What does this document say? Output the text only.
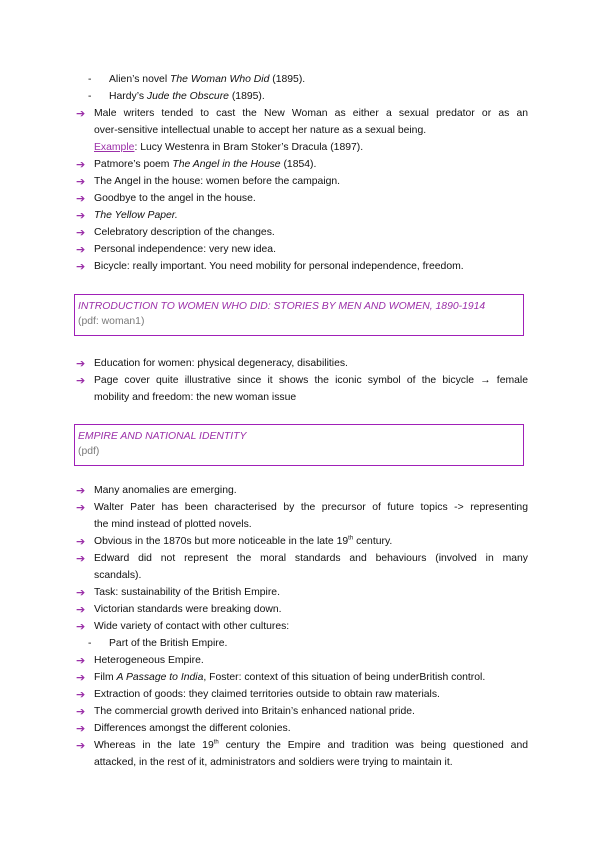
- Alien’s novel The Woman Who Did (1895).
- Hardy’s Jude the Obscure (1895).
➔ Male writers tended to cast the New Woman as either a sexual predator or as an
over-sensitive intellectual unable to accept her nature as a sexual being.
Example: Lucy Westenra in Bram Stoker’s Dracula (1897).
➔ Patmore’s poem The Angel in the House (1854).
➔ The Angel in the house: women before the campaign.
➔ Goodbye to the angel in the house.
➔ The Yellow Paper.
➔ Celebratory description of the changes.
➔ Personal independence: very new idea.
➔ Bicycle: really important. You need mobility for personal independence, freedom.
INTRODUCTION TO WOMEN WHO DID: STORIES BY MEN AND WOMEN, 1890-1914
(pdf: woman1)
➔ Education for women: physical degeneracy, disabilities.
➔ Page cover quite illustrative since it shows the iconic symbol of the bicycle → female
mobility and freedom: the new woman issue
EMPIRE AND NATIONAL IDENTITY
(pdf)
➔ Many anomalies are emerging.
➔ Walter Pater has been characterised by the precursor of future topics -> representing
the mind instead of plotted novels.
➔ Obvious in the 1870s but more noticeable in the late 19th century.
➔ Edward did not represent the moral standards and behaviours (involved in many
scandals).
➔ Task: sustainability of the British Empire.
➔ Victorian standards were breaking down.
➔ Wide variety of contact with other cultures:
- Part of the British Empire.
➔ Heterogeneous Empire.
➔ Film A Passage to India, Foster: context of this situation of being underBritish control.
➔ Extraction of goods: they claimed territories outside to obtain raw materials.
➔ The commercial growth derived into Britain’s enhanced national pride.
➔ Differences amongst the different colonies.
➔ Whereas in the late 19th century the Empire and tradition was being questioned and
attacked, in the rest of it, administrators and soldiers were trying to maintain it.
